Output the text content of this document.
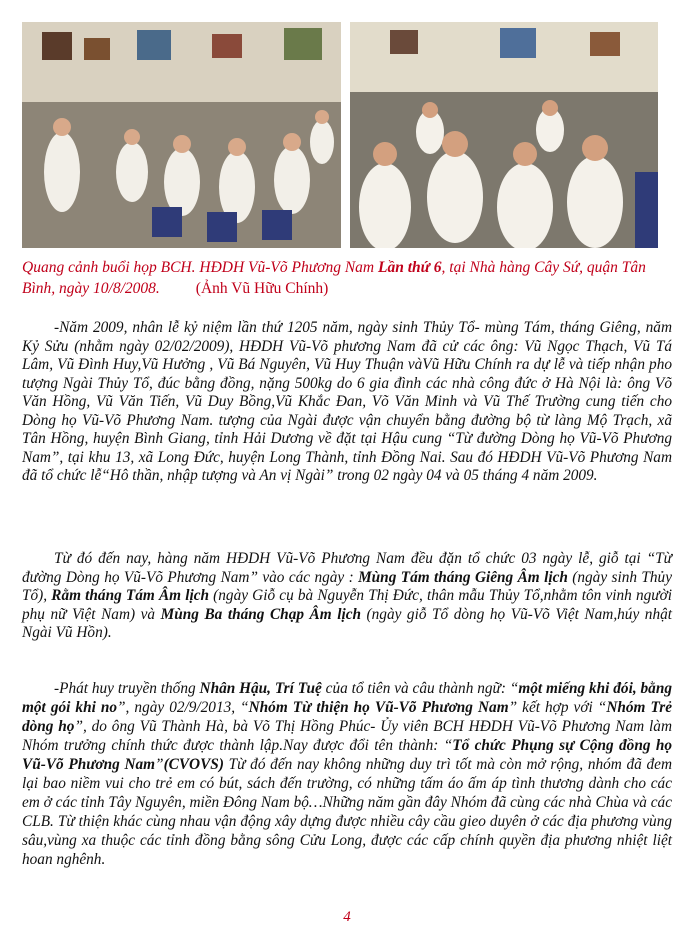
Quang cảnh buổi họp BCH. HĐDH Vũ-Võ Phương Nam Lần thứ 6, tại Nhà hàng Cây Sứ, quận Tân Bình, ngày 10/8/2008. (Ảnh Vũ Hữu Chính)
-Năm 2009, nhân lễ kỷ niệm lần thứ 1205 năm, ngày sinh Thủy Tổ- mùng Tám, tháng Giêng, năm Kỷ Sửu (nhằm ngày 02/02/2009), HĐDH Vũ-Võ phương Nam đã cử các ông: Vũ Ngọc Thạch, Vũ Tá Lâm, Vũ Đình Huy,Vũ Hưởng , Vũ Bá Nguyên, Vũ Huy Thuận vàVũ Hữu Chính ra dự lễ và tiếp nhận pho tượng Ngài Thủy Tổ, đúc bằng đồng, nặng 500kg do 6 gia đình các nhà công đức ở Hà Nội là: ông Võ Văn Hồng, Vũ Văn Tiến, Vũ Duy Bồng,Vũ Khắc Đan, Võ Văn Minh và Vũ Thế Trường cung tiến cho Dòng họ Vũ-Võ Phương Nam. tượng của Ngài được vận chuyển bằng đường bộ từ làng Mộ Trạch, xã Tân Hồng, huyện Bình Giang, tỉnh Hải Dương về đặt tại Hậu cung “Từ đường Dòng họ Vũ-Võ Phương Nam”, tại khu 13, xã Long Đức, huyện Long Thành, tỉnh Đồng Nai. Sau đó HĐDH Vũ-Võ Phương Nam đã tổ chức lễ“Hô thần, nhập tượng và An vị Ngài” trong 02 ngày 04 và 05 tháng 4 năm 2009.
Từ đó đến nay, hàng năm HĐDH Vũ-Võ Phương Nam đều đặn tổ chức 03 ngày lễ, giỗ tại “Từ đường Dòng họ Vũ-Võ Phương Nam” vào các ngày : Mùng Tám tháng Giêng Âm lịch (ngày sinh Thủy Tổ), Rằm tháng Tám Âm lịch (ngày Giỗ cụ bà Nguyễn Thị Đức, thân mẫu Thủy Tổ,nhằm tôn vinh người phụ nữ Việt Nam) và Mùng Ba tháng Chạp Âm lịch (ngày giỗ Tổ dòng họ Vũ-Võ Việt Nam,húy nhật Ngài Vũ Hồn).
-Phát huy truyền thống Nhân Hậu, Trí Tuệ của tổ tiên và câu thành ngữ: “một miếng khi đói, bằng một gói khi no”, ngày 02/9/2013, “Nhóm Từ thiện họ Vũ-Võ Phương Nam” kết hợp với “Nhóm Trẻ dòng họ”, do ông Vũ Thành Hà, bà Võ Thị Hồng Phúc- Ủy viên BCH HĐDH Vũ-Võ Phương Nam làm Nhóm trưởng chính thức được thành lập.Nay được đổi tên thành: “Tổ chức Phụng sự Cộng đồng họ Vũ-Võ Phương Nam”(CVOVS) Từ đó đến nay không những duy trì tốt mà còn mở rộng, nhóm đã đem lại bao niềm vui cho trẻ em có bút, sách đến trường, có những tấm áo ấm áp tình thương dành cho các em ở các tỉnh Tây Nguyên, miền Đông Nam bộ…Những năm gần đây Nhóm đã cùng các nhà Chùa và các CLB. Từ thiện khác cùng nhau vận động xây dựng được nhiều cây cầu gieo duyên ở các địa phương vùng sâu,vùng xa thuộc các tỉnh đồng bằng sông Cửu Long, được các cấp chính quyền địa phương nhiệt liệt hoan nghênh.
4
